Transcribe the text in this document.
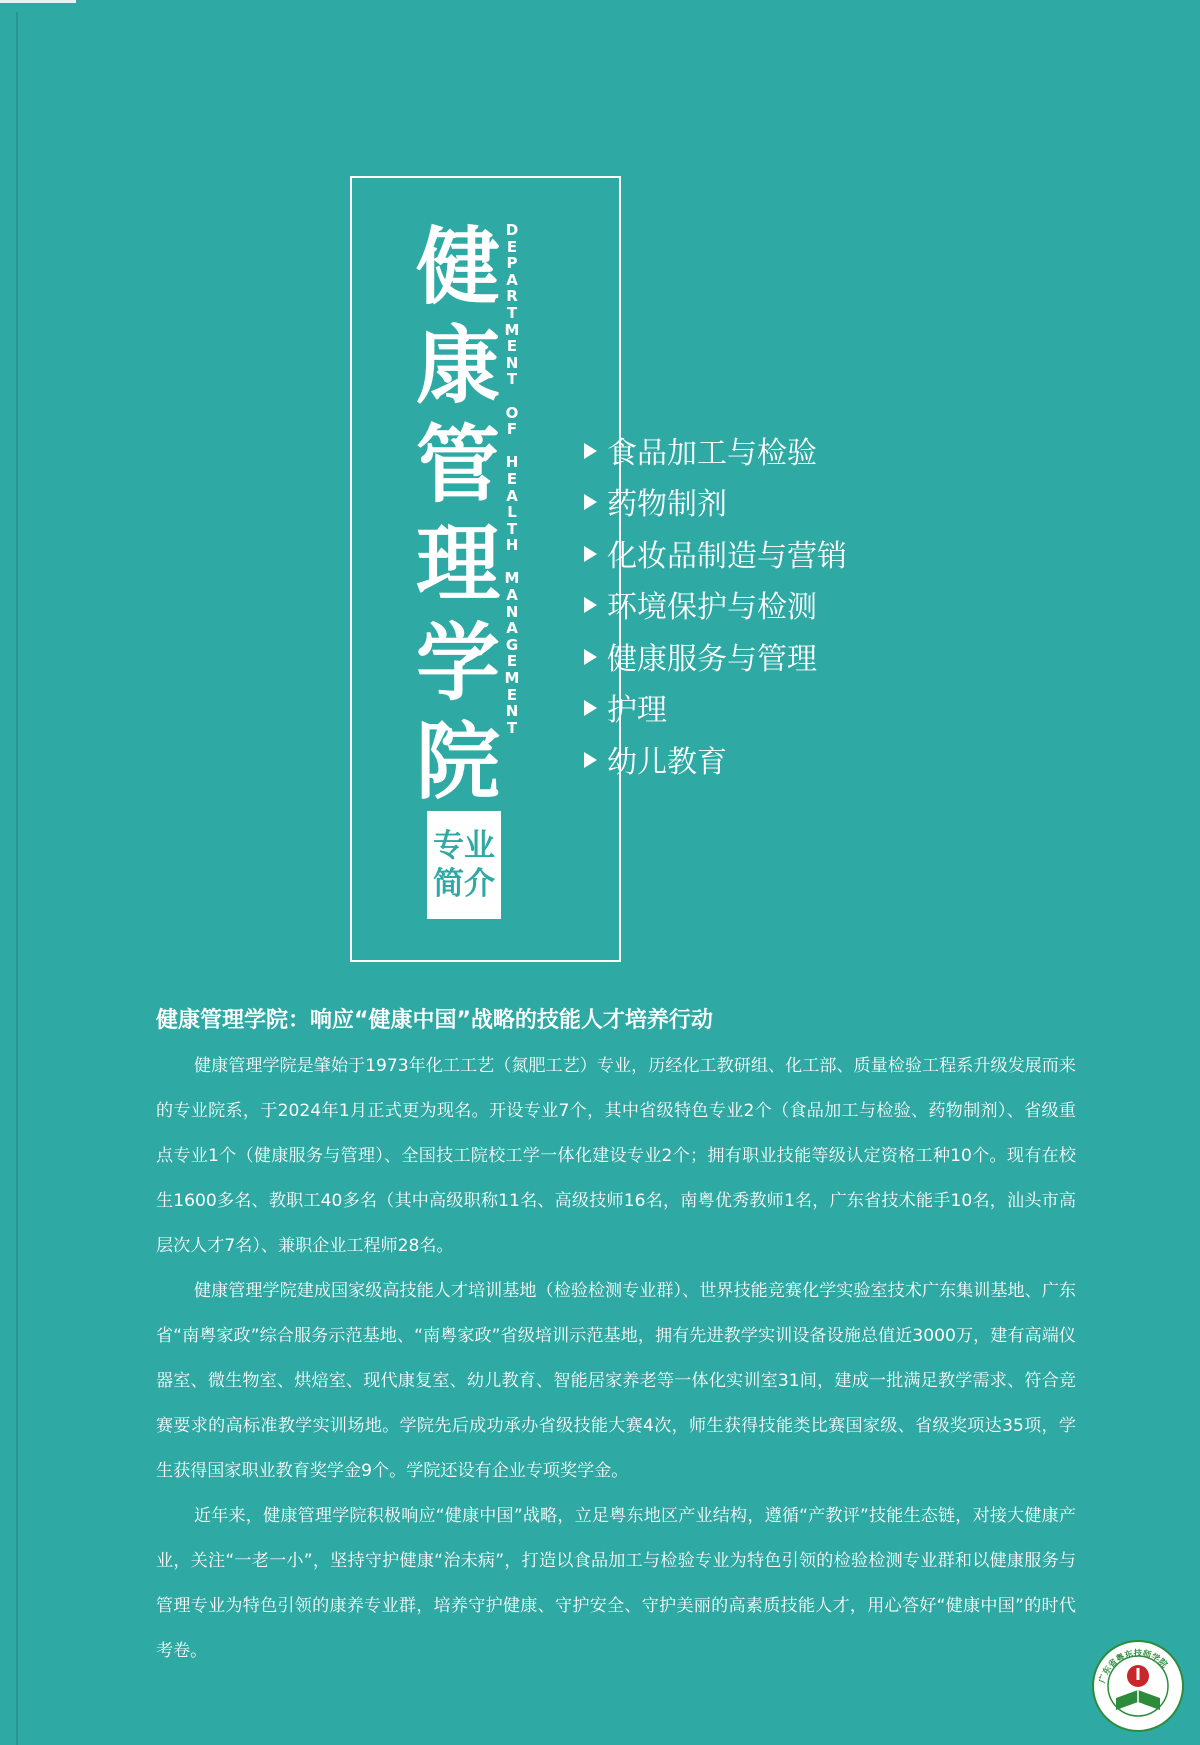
健
康
管
理
学
院
D
E
P
A
R
T
M
E
N
T

O
F

H
E
A
L
T
H

M
A
N
A
G
E
M
E
N
T
专业
简介
食品加工与检验
药物制剂
化妆品制造与营销
环境保护与检测
健康服务与管理
护理
幼儿教育
健康管理学院：响应“健康中国”战略的技能人才培养行动

健康管理学院是肇始于1973年化工工艺（氮肥工艺）专业，历经化工教研组、化工部、质量检验工程系升级发展而来的专业院系，于2024年1月正式更为现名。开设专业7个，其中省级特色专业2个（食品加工与检验、药物制剂）、省级重点专业1个（健康服务与管理）、全国技工院校工学一体化建设专业2个；拥有职业技能等级认定资格工种10个。现有在校生1600多名、教职工40多名（其中高级职称11名、高级技师16名，南粤优秀教师1名，广东省技术能手10名，汕头市高层次人才7名）、兼职企业工程师28名。

健康管理学院建成国家级高技能人才培训基地（检验检测专业群）、世界技能竞赛化学实验室技术广东集训基地、广东省“南粤家政”综合服务示范基地、“南粤家政”省级培训示范基地，拥有先进教学实训设备设施总值近3000万，建有高端仪器室、微生物室、烘焙室、现代康复室、幼儿教育、智能居家养老等一体化实训室31间，建成一批满足教学需求、符合竞赛要求的高标准教学实训场地。学院先后成功承办省级技能大赛4次，师生获得技能类比赛国家级、省级奖项达35项，学生获得国家职业教育奖学金9个。学院还设有企业专项奖学金。

近年来，健康管理学院积极响应“健康中国”战略，立足粤东地区产业结构，遵循“产教评”技能生态链，对接大健康产业，关注“一老一小”，坚持守护健康“治未病”，打造以食品加工与检验专业为特色引领的检验检测专业群和以健康服务与管理专业为特色引领的康养专业群，培养守护健康、守护安全、守护美丽的高素质技能人才，用心答好“健康中国”的时代考卷。

广东省粤东技师学院
